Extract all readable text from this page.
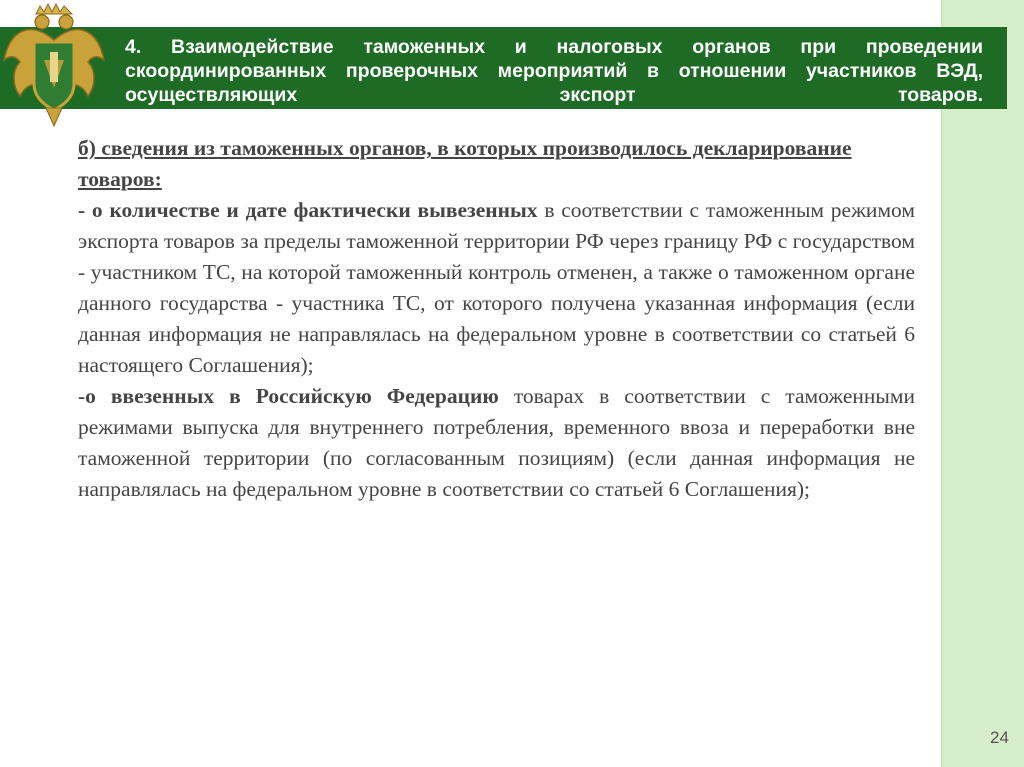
4. Взаимодействие таможенных и налоговых органов при проведении скоординированных проверочных мероприятий в отношении участников ВЭД, осуществляющих экспорт товаров.

б) сведения из таможенных органов, в которых производилось декларирование товаров:

- о количестве и дате фактически вывезенных в соответствии с таможенным режимом экспорта товаров за пределы таможенной территории РФ через границу РФ с государством - участником ТС, на которой таможенный контроль отменен, а также о таможенном органе данного государства - участника ТС, от которого получена указанная информация (если данная информация не направлялась на федеральном уровне в соответствии со статьей 6 настоящего Соглашения);

-о ввезенных в Российскую Федерацию товарах в соответствии с таможенными режимами выпуска для внутреннего потребления, временного ввоза и переработки вне таможенной территории (по согласованным позициям) (если данная информация не направлялась на федеральном уровне в соответствии со статьей 6 Соглашения);

24
